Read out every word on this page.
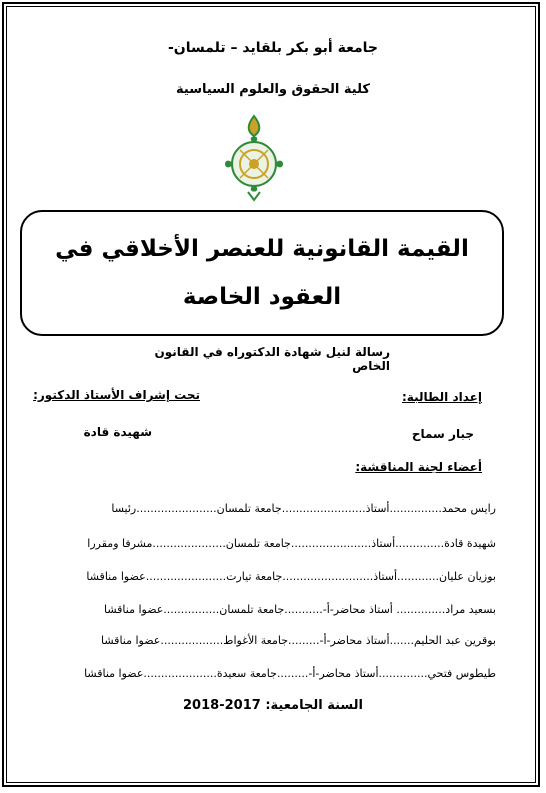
جامعة أبو بكر بلقايد – تلمسان-
كلية الحقوق والعلوم السياسية
القيمة القانونية للعنصر الأخلاقي في العقود الخاصة
رسالة لنيل شهادة الدكتوراه في القانون الخاص
إعداد الطالبة:
تحت إشراف الأستاذ الدكتور:
جبار سماح
شهيدة قادة
أعضاء لجنة المناقشة:
رايس محمد...............أستاذ........................جامعة تلمسان.......................رئيسا
شهيدة قادة..............أستاذ.......................جامعة تلمسان.....................مشرفا ومقررا
بوزيان عليان............أستاذ..........................جامعة تيارت.......................عضوا مناقشا
بسعيد مراد.............. أستاذ محاضر-أ-...........جامعة تلمسان................عضوا مناقشا
بوقرين عبد الحليم.......أستاذ محاضر-أ-.........جامعة الأغواط..................عضوا مناقشا
طيطوس فتحي..............أستاذ محاضر-أ-.........جامعة سعيدة.....................عضوا مناقشا
السنة الجامعية: 2017-2018
